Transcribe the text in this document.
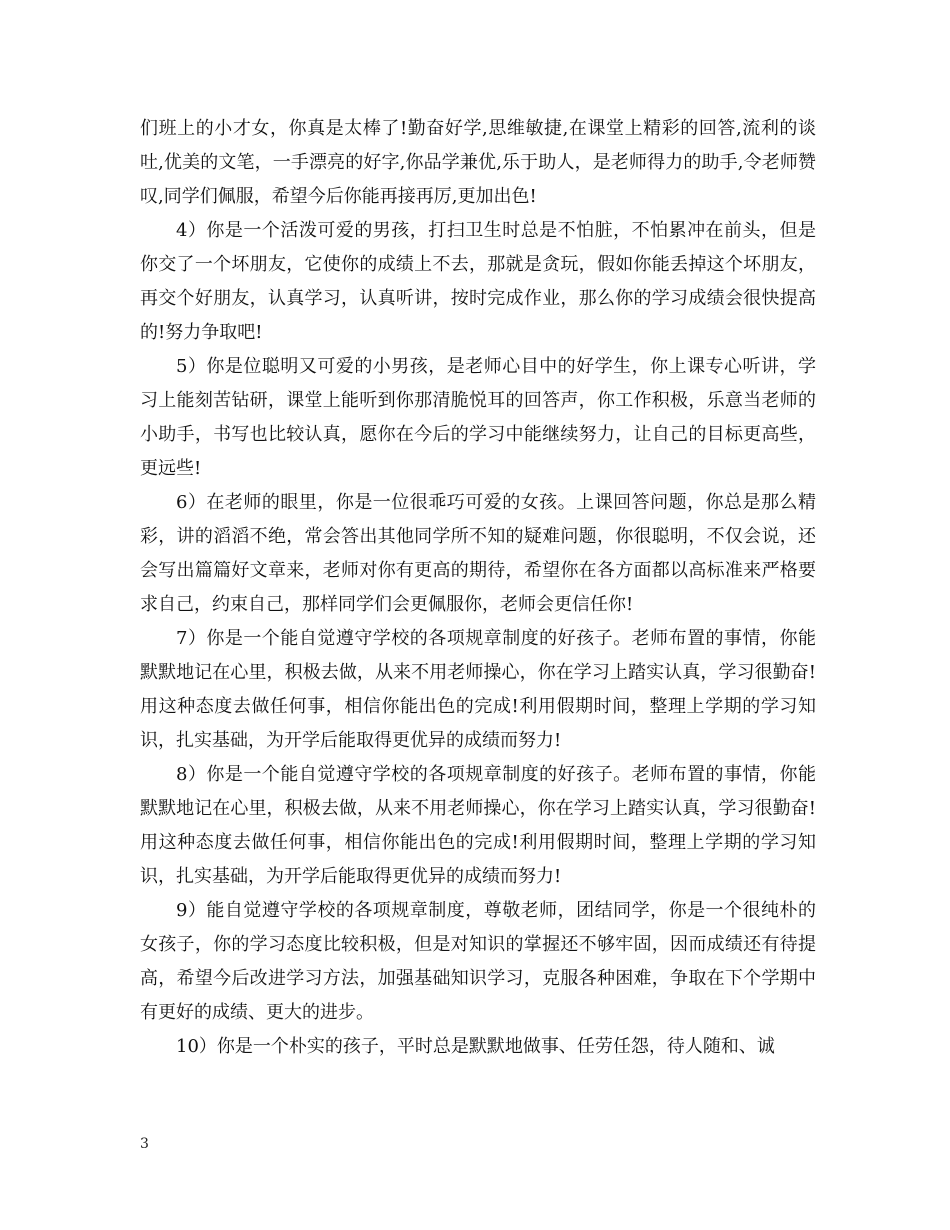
们班上的小才女，你真是太棒了!勤奋好学,思维敏捷,在课堂上精彩的回答,流利的谈吐,优美的文笔，一手漂亮的好字,你品学兼优,乐于助人，是老师得力的助手,令老师赞叹,同学们佩服，希望今后你能再接再厉,更加出色!

4）你是一个活泼可爱的男孩，打扫卫生时总是不怕脏，不怕累冲在前头，但是你交了一个坏朋友，它使你的成绩上不去，那就是贪玩，假如你能丢掉这个坏朋友，再交个好朋友，认真学习，认真听讲，按时完成作业，那么你的学习成绩会很快提高的!努力争取吧!

5）你是位聪明又可爱的小男孩，是老师心目中的好学生，你上课专心听讲，学习上能刻苦钻研，课堂上能听到你那清脆悦耳的回答声，你工作积极，乐意当老师的小助手，书写也比较认真，愿你在今后的学习中能继续努力，让自己的目标更高些，更远些!

6）在老师的眼里，你是一位很乖巧可爱的女孩。上课回答问题，你总是那么精彩，讲的滔滔不绝，常会答出其他同学所不知的疑难问题，你很聪明，不仅会说，还会写出篇篇好文章来，老师对你有更高的期待，希望你在各方面都以高标准来严格要求自己，约束自己，那样同学们会更佩服你，老师会更信任你!

7）你是一个能自觉遵守学校的各项规章制度的好孩子。老师布置的事情，你能默默地记在心里，积极去做，从来不用老师操心，你在学习上踏实认真，学习很勤奋!用这种态度去做任何事，相信你能出色的完成!利用假期时间，整理上学期的学习知识，扎实基础，为开学后能取得更优异的成绩而努力!

8）你是一个能自觉遵守学校的各项规章制度的好孩子。老师布置的事情，你能默默地记在心里，积极去做，从来不用老师操心，你在学习上踏实认真，学习很勤奋!用这种态度去做任何事，相信你能出色的完成!利用假期时间，整理上学期的学习知识，扎实基础，为开学后能取得更优异的成绩而努力!

9）能自觉遵守学校的各项规章制度，尊敬老师，团结同学，你是一个很纯朴的女孩子，你的学习态度比较积极，但是对知识的掌握还不够牢固，因而成绩还有待提高，希望今后改进学习方法，加强基础知识学习，克服各种困难，争取在下个学期中有更好的成绩、更大的进步。

10）你是一个朴实的孩子，平时总是默默地做事、任劳任怨，待人随和、诚

3
